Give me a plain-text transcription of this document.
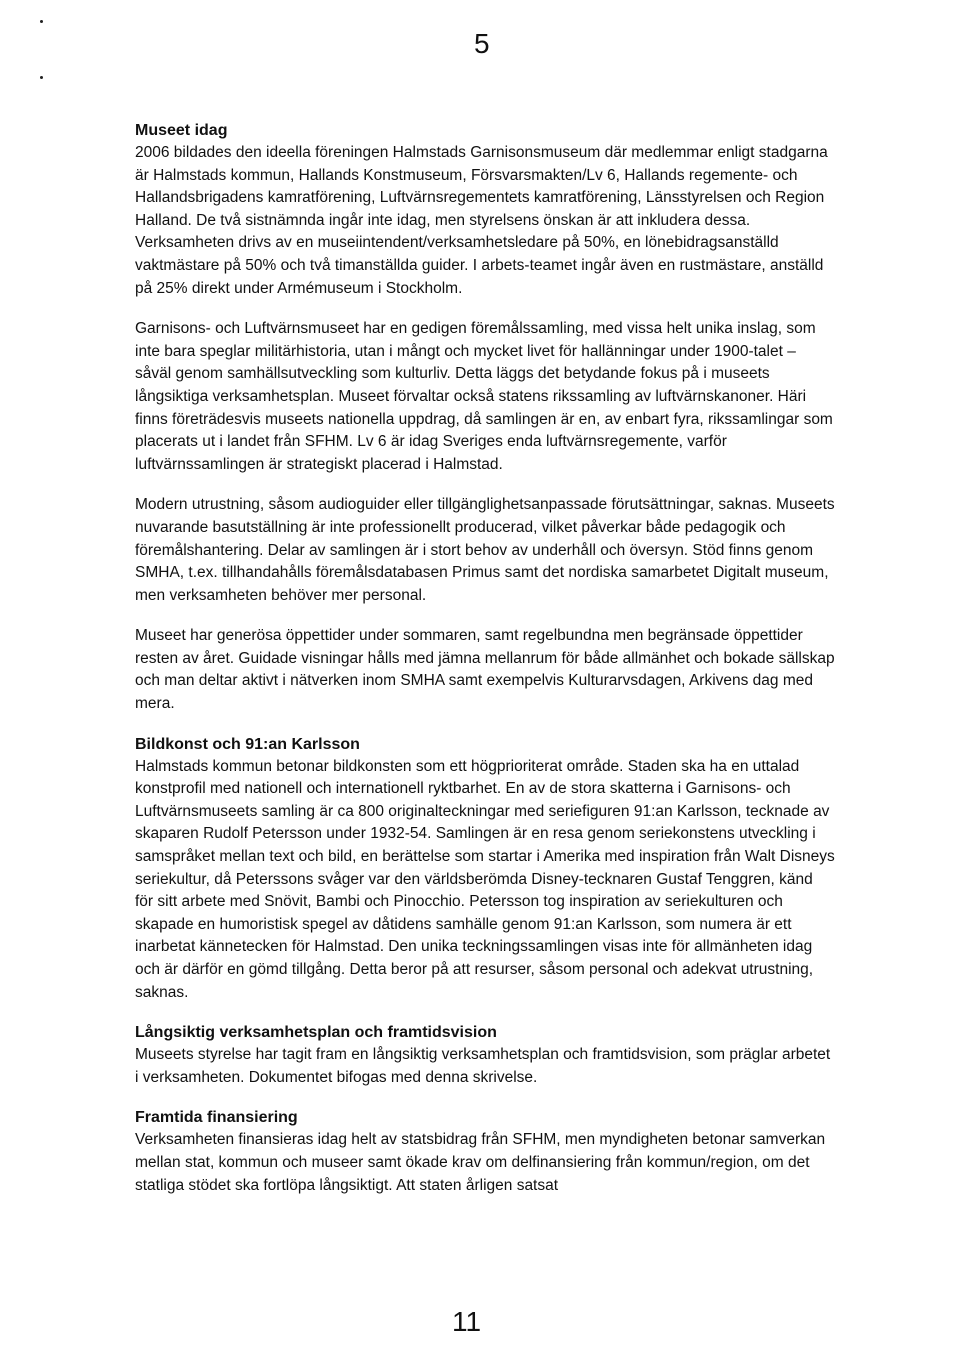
5
Museet idag

2006 bildades den ideella föreningen Halmstads Garnisonsmuseum där medlemmar enligt stadgarna är Halmstads kommun, Hallands Konstmuseum, Försvarsmakten/Lv 6, Hallands regemente- och Hallandsbrigadens kamratförening, Luftvärnsregementets kamratförening, Länsstyrelsen och Region Halland. De två sistnämnda ingår inte idag, men styrelsens önskan är att inkludera dessa. Verksamheten drivs av en museiintendent/verksamhetsledare på 50%, en lönebidragsanställd vaktmästare på 50% och två timanställda guider. I arbets-teamet ingår även en rustmästare, anställd på 25% direkt under Armémuseum i Stockholm.

Garnisons- och Luftvärnsmuseet har en gedigen föremålssamling, med vissa helt unika inslag, som inte bara speglar militärhistoria, utan i mångt och mycket livet för hallänningar under 1900-talet – såväl genom samhällsutveckling som kulturliv. Detta läggs det betydande fokus på i museets långsiktiga verksamhetsplan. Museet förvaltar också statens rikssamling av luftvärnskanoner. Häri finns företrädesvis museets nationella uppdrag, då samlingen är en, av enbart fyra, rikssamlingar som placerats ut i landet från SFHM. Lv 6 är idag Sveriges enda luftvärnsregemente, varför luftvärnssamlingen är strategiskt placerad i Halmstad.

Modern utrustning, såsom audioguider eller tillgänglighetsanpassade förutsättningar, saknas. Museets nuvarande basutställning är inte professionellt producerad, vilket påverkar både pedagogik och föremålshantering. Delar av samlingen är i stort behov av underhåll och översyn. Stöd finns genom SMHA, t.ex. tillhandahålls föremålsdatabasen Primus samt det nordiska samarbetet Digitalt museum, men verksamheten behöver mer personal.

Museet har generösa öppettider under sommaren, samt regelbundna men begränsade öppettider resten av året. Guidade visningar hålls med jämna mellanrum för både allmänhet och bokade sällskap och man deltar aktivt i nätverken inom SMHA samt exempelvis Kulturarvsdagen, Arkivens dag med mera.

Bildkonst och 91:an Karlsson

Halmstads kommun betonar bildkonsten som ett högprioriterat område. Staden ska ha en uttalad konstprofil med nationell och internationell ryktbarhet. En av de stora skatterna i Garnisons- och Luftvärnsmuseets samling är ca 800 originalteckningar med seriefiguren 91:an Karlsson, tecknade av skaparen Rudolf Petersson under 1932-54. Samlingen är en resa genom seriekonstens utveckling i samspråket mellan text och bild, en berättelse som startar i Amerika med inspiration från Walt Disneys seriekultur, då Peterssons svåger var den världsberömda Disney-tecknaren Gustaf Tenggren, känd för sitt arbete med Snövit, Bambi och Pinocchio. Petersson tog inspiration av seriekulturen och skapade en humoristisk spegel av dåtidens samhälle genom 91:an Karlsson, som numera är ett inarbetat kännetecken för Halmstad. Den unika teckningssamlingen visas inte för allmänheten idag och är därför en gömd tillgång. Detta beror på att resurser, såsom personal och adekvat utrustning, saknas.

Långsiktig verksamhetsplan och framtidsvision

Museets styrelse har tagit fram en långsiktig verksamhetsplan och framtidsvision, som präglar arbetet i verksamheten. Dokumentet bifogas med denna skrivelse.

Framtida finansiering

Verksamheten finansieras idag helt av statsbidrag från SFHM, men myndigheten betonar samverkan mellan stat, kommun och museer samt ökade krav om delfinansiering från kommun/region, om det statliga stödet ska fortlöpa långsiktigt. Att staten årligen satsat

11
